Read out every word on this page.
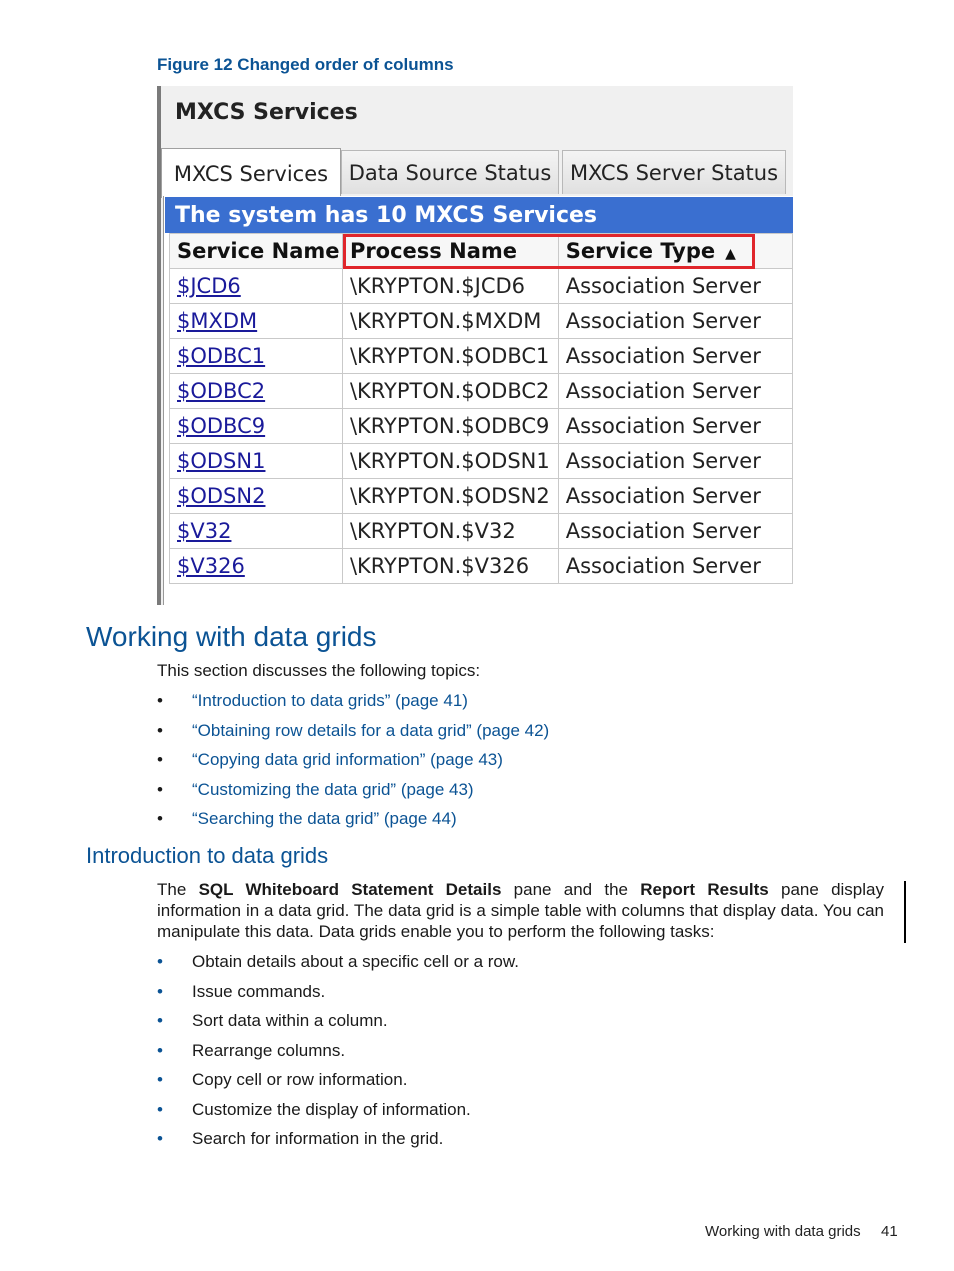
Figure 12 Changed order of columns
MXCS Services
MXCS Services Data Source Status MXCS Server Status
The system has 10 MXCS Services
Service Name	Process Name	Service Type ▲
$JCD6	\KRYPTON.$JCD6	Association Server
$MXDM	\KRYPTON.$MXDM	Association Server
$ODBC1	\KRYPTON.$ODBC1	Association Server
$ODBC2	\KRYPTON.$ODBC2	Association Server
$ODBC9	\KRYPTON.$ODBC9	Association Server
$ODSN1	\KRYPTON.$ODSN1	Association Server
$ODSN2	\KRYPTON.$ODSN2	Association Server
$V32	\KRYPTON.$V32	Association Server
$V326	\KRYPTON.$V326	Association Server
Working with data grids
This section discusses the following topics:
• “Introduction to data grids” (page 41)
• “Obtaining row details for a data grid” (page 42)
• “Copying data grid information” (page 43)
• “Customizing the data grid” (page 43)
• “Searching the data grid” (page 44)
Introduction to data grids
The SQL Whiteboard Statement Details pane and the Report Results pane display information in a data grid. The data grid is a simple table with columns that display data. You can manipulate this data. Data grids enable you to perform the following tasks:
• Obtain details about a specific cell or a row.
• Issue commands.
• Sort data within a column.
• Rearrange columns.
• Copy cell or row information.
• Customize the display of information.
• Search for information in the grid.
Working with data grids 41
